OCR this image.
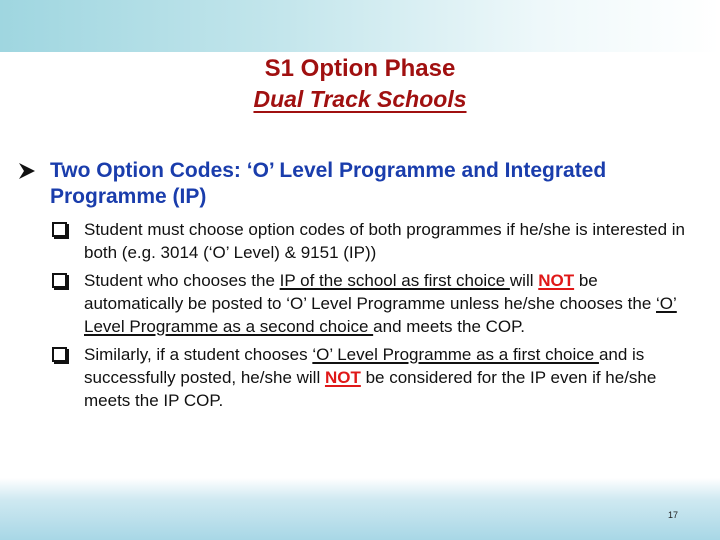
S1 Option Phase
Dual Track Schools
Two Option Codes: ‘O’ Level Programme and Integrated Programme (IP)
Student must choose option codes of both programmes if he/she is interested in both (e.g. 3014 (‘O’ Level) & 9151 (IP))
Student who chooses the IP of the school as first choice will NOT be automatically be posted to ‘O’ Level Programme unless he/she chooses the ‘O’ Level Programme as a second choice and meets the COP.
Similarly, if a student chooses ‘O’ Level Programme as a first choice and is successfully posted, he/she will NOT be considered for the IP even if he/she meets the IP COP.
17
